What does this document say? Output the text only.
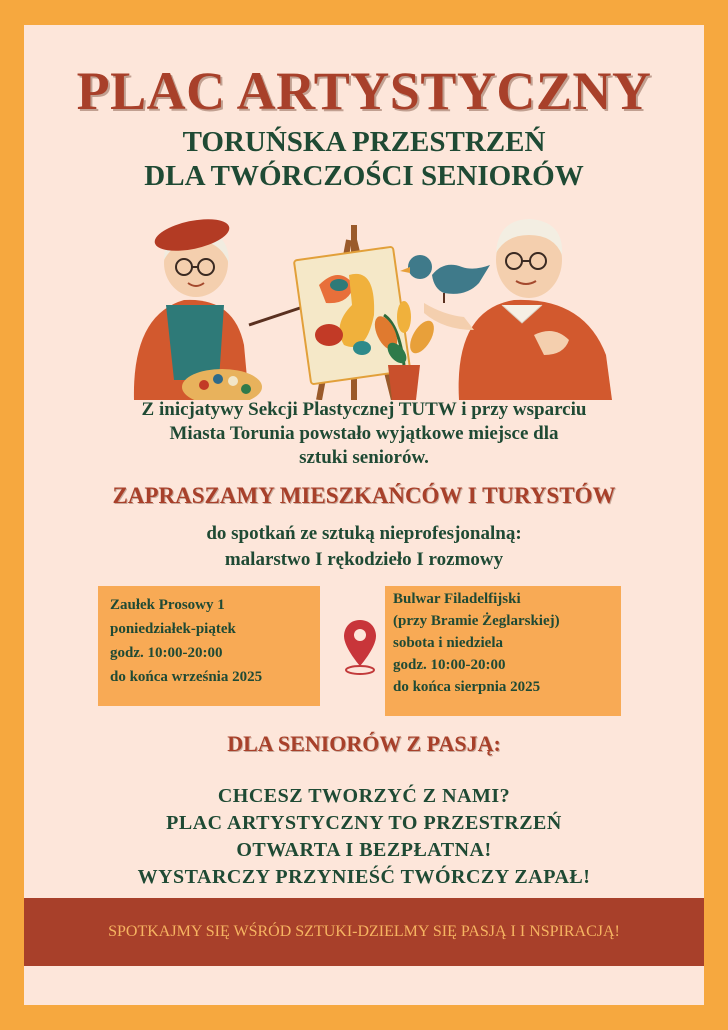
PLAC ARTYSTYCZNY
TORUŃSKA PRZESTRZEŃ
DLA TWÓRCZOŚCI SENIORÓW
Z inicjatywy Sekcji Plastycznej TUTW i przy wsparciu
Miasta Torunia powstało wyjątkowe miejsce dla
sztuki seniorów.
ZAPRASZAMY MIESZKAŃCÓW I TURYSTÓW
do spotkań ze sztuką nieprofesjonalną:
malarstwo I rękodzieło I rozmowy
Zaułek Prosowy 1
poniedziałek-piątek
godz. 10:00-20:00
do końca września 2025
Bulwar Filadelfijski
(przy Bramie Żeglarskiej)
sobota i niedziela
godz. 10:00-20:00
do końca sierpnia 2025
DLA SENIORÓW Z PASJĄ:
CHCESZ TWORZYĆ Z NAMI?
PLAC ARTYSTYCZNY TO PRZESTRZEŃ
OTWARTA I BEZPŁATNA!
WYSTARCZY PRZYNIEŚĆ TWÓRCZY ZAPAŁ!
SPOTKAJMY SIĘ WŚRÓD SZTUKI-DZIELMY SIĘ PASJĄ I I NSPIRACJĄ!
